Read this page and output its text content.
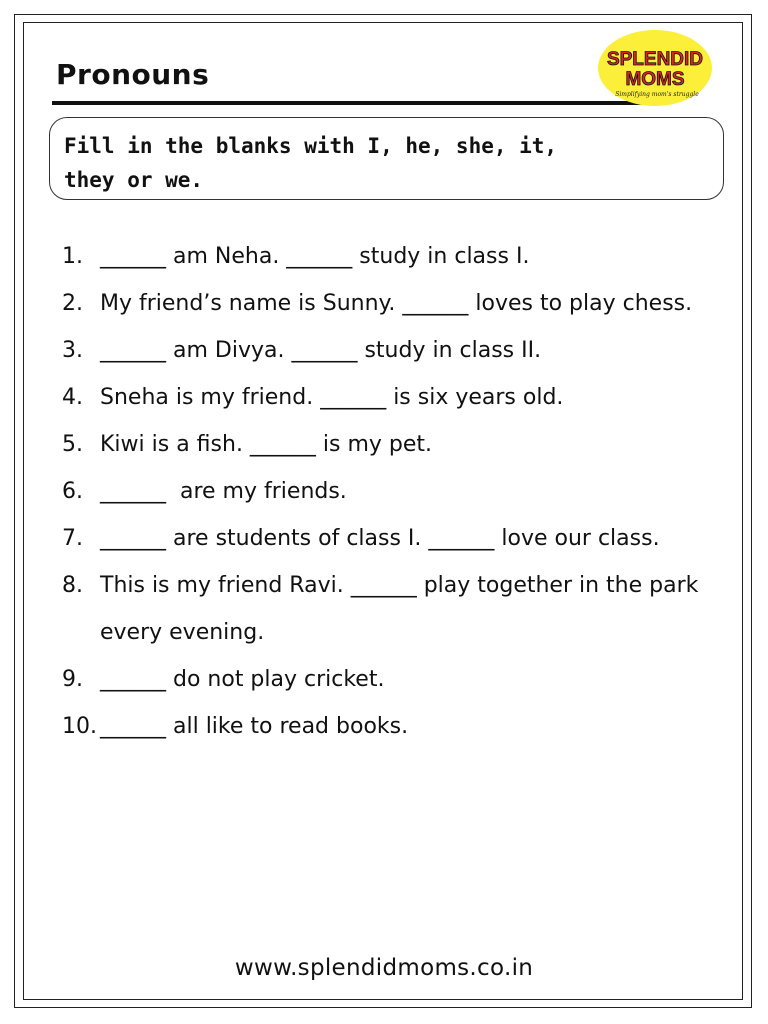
Pronouns	SPLENDID
MOMS
Simplifying mom's struggle

Fill in the blanks with I, he, she, it,
they or we.

1. ______ am Neha. ______ study in class I.
2. My friend’s name is Sunny. ______ loves to play chess.
3. ______ am Divya. ______ study in class II.
4. Sneha is my friend. ______ is six years old.
5. Kiwi is a fish. ______ is my pet.
6. ______  are my friends.
7. ______ are students of class I. ______ love our class.
8. This is my friend Ravi. ______ play together in the park every evening.
9. ______ do not play cricket.
10. ______ all like to read books.
www.splendidmoms.co.in
